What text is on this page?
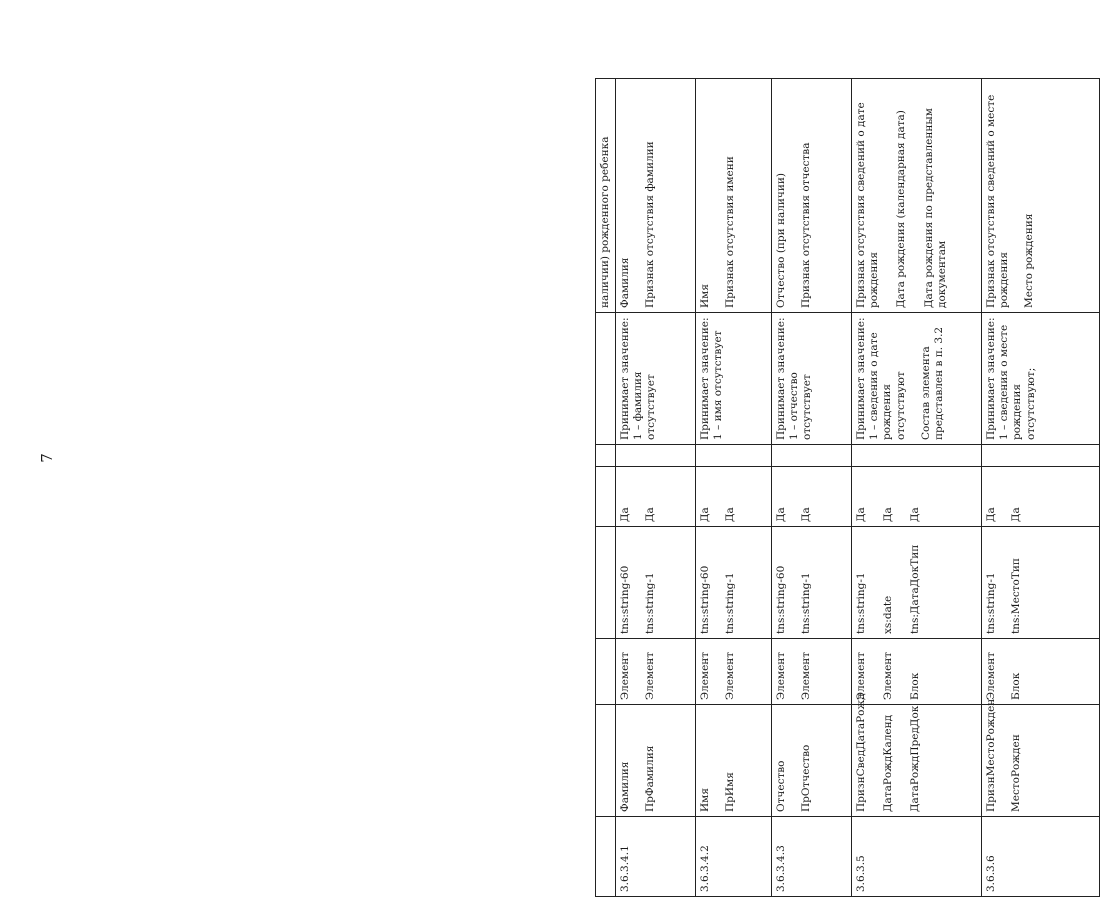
7
							наличии) рожденного ребенка
3.6.3.4.1	Фамилия ПрФамилия	Элемент Элемент	tns:string-60 tns:string-1	Да Да		Принимает значение: 1 – фамилия отсутствует	Фамилия Признак отсутствия фамилии

3.6.3.4.2	Имя ПрИмя	Элемент Элемент	tns:string-60 tns:string-1	Да Да		Принимает значение: 1 – имя отсутствует	Имя Признак отсутствия имени

3.6.3.4.3	Отчество ПрОтчество	Элемент Элемент	tns:string-60 tns:string-1	Да Да		Принимает значение: 1 – отчество отсутствует	Отчество (при наличии) Признак отсутствия отчества

3.6.3.5	ПризнСведДатаРожд ДатаРождКаленд ДатаРождПредДок	Элемент Элемент Блок	tns:string-1 xs:date tns:ДатаДокТип	Да Да Да		Принимает значение: 1 – сведения о дате рождения отсутствуют Состав элемента представлен в п. 3.2	Признак отсутствия сведений о дате рождения Дата рождения (календарная дата) Дата рождения по представленным документам

3.6.3.6	ПризнМестоРожден МестоРожден	Элемент Блок	tns:string-1 tns:МестоТип	Да Да		Принимает значение: 1 – сведения о месте рождения отсутствуют;	Признак отсутствия сведений о месте рождения Место рождения
